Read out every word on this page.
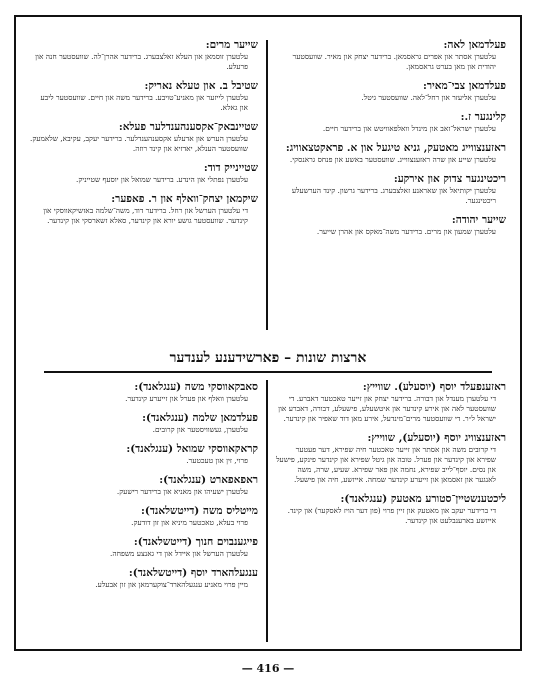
פעלדמאן לאה:

עלטערן אסתר און אפרים גראסמאן. ברידער יצחק און מאיר. שוועסטער יהודית און מאן בערט גראסמאן.

פעלדמאן צבי־מאיר:

עלטערן אליעזר און רחל־לאה. שוועסטער גיטל.

קלינגער ז.:

עלטערן ישראל־זאב און מינדל וואלפאוויטש און ברידער חיים.

ראזענצווייג מאטעק, גניא טיגעל און א. פראקטצאוויג:

עלטערן שייע און שרה ראזענצווייג. שוועסטער באשע און פנחס גראנסקי.

ריכטינגער צדוק און אירקע:

עלטערן יקותיאל און שאראנע זאלצבערג. ברידער גרשון. קינד הערשעלע ריכטינגער.

שייער יהודה:

עלטערן שמעון און מרים. ברידער משה־מאקס און אהרן שייער.

שייער מרים:

עלטערן זוסמאן און העלא זאלצבערג. ברידער אהרן־לה. שוועסטער חנה און פרעלע.

שטיבל ב. און טעלא נאריק:

עלטערן לייזער און מאניע־טויבע. ברידער משה און חיים. שוועסטער ליבע און גאלא.

שטיינבאק־אקסענהענדלער פעלא:

עלטערן הערש און אדעלע אקסענהענדלער. ברידער יעקב, עקיבא, שלאמעק. שוועסטער הענלא, יאדזיא און קינד רוזה.

שטיינייק דוד:

עלטערן נפתלי און הינדע. ברידער שמואל און יוסעף שטייניק.

שיקמאן יצחק־וואלף און ר. פאפער:

די עלטערן הערשל און רחל. ברידער דוד, משה־שלמה באזשיקאווסקי און קינדער. שוועסטער גושע יורא און קינדער, סאלא זשארסקי און קינדער.

ארצות שונות – פארשידענע לענדער

ראזענפעלד יוסף (יוסעלע). שווייץ:

די עלטערן מענדל און דבורה. ברידער יצחק און זייער טאכטער דאברע. די שוועסטער לאה און אירע קינדער און איטשעלע, פישעלע, דבורה, דאברע און ישראל ל״ר. די שוועסטער מרים־מינדעל, אירע מאן דוד שאפיר און קינדער.

ראזענצוויג יוסף (יוסעלע), שווייץ:

די קרובים משה און אסתר און זייער טאכטער חיה שפירא, דער פעטער שפירא און קינדער און פערל. טובה און גיטל שפירא און קינדער פינקע, פישעל און נסים. יוסף־לייב שפירא, נחמה און פאר שפירא. שעיע, שרה, משה לאנגער און זאסמאן און זייערע קינדער שמחה. אייזשע, חיה און פישעל.

ליכטענשטיין־סטורע מאטעק (ענגלאנד):

די ברידער יעקב און מאטעק און זיין פרוי (פון דער הויז לאסקער) און קינד. אייזשע בארענבלעט און קינדער.

סאבקאווסקי משה (ענגלאנד):

עלטערן וואלף און פערל און זייערע קינדער.

פעלדמאן שלמה (ענגלאנד):

עלטערן, געשוויסטער און קרובים.

קראקאווסקי שמואל (ענגלאנד):

פרוי, זין און טעכטער.

ראפאפארט (ענגלאנד):

עלטערן ישעיהו און מאניא און ברידער רישעק.

מייטליס משה (דייטשלאנד):

פרוי בעלא, טאכטער מיניא און זון דודעק.

פייגענבוים חנוך (דייטשלאנד):

עלטערן הערשל און איידל און די גאנצע משפחה.

ענגעלהארד יוסף (דייטשלאנד):

מיין פרוי מאניע ענגעלהארד־צוקערמאן און זון אבעלע.

— 416 —
